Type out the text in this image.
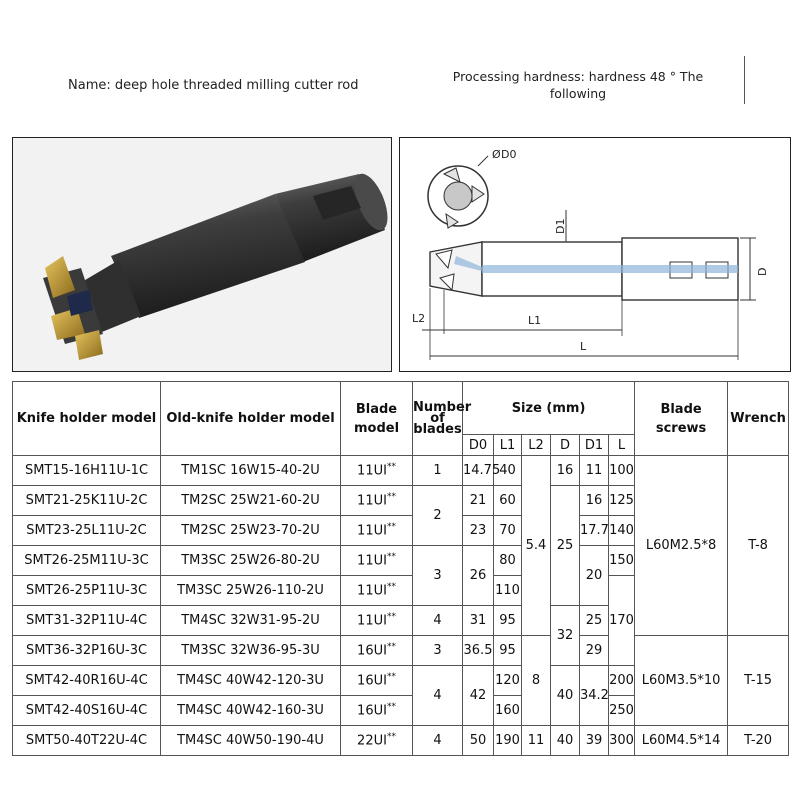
Name: deep hole threaded milling cutter rod
Processing hardness: hardness 48 ° The following
Ø D0
D1
D
L2	L1
L
Knife holder model	Old-knife holder model	Blade model	Number of blades	Size (mm)						Blade screws	Wrench
				D0	L1	L2	D	D1	L		
SMT15-16H11U-1C	TM1SC 16W15-40-2U	11UI**	1	14.75	40	5.4	16	11	100	L60M2.5*8	T-8
SMT21-25K11U-2C	TM2SC 25W21-60-2U	11UI**	2	21	60		25	16	125		
SMT23-25L11U-2C	TM2SC 25W23-70-2U	11UI**		23	70			17.7	140		
SMT26-25M11U-3C	TM3SC 25W26-80-2U	11UI**	3	26	80			20	150		
SMT26-25P11U-3C	TM3SC 25W26-110-2U	11UI**			110				170		
SMT31-32P11U-4C	TM4SC 32W31-95-2U	11UI**	4	31	95		32	25			
SMT36-32P16U-3C	TM3SC 32W36-95-3U	16UI**	3	36.5	95	8		29		L60M3.5*10	T-15
SMT42-40R16U-4C	TM4SC 40W42-120-3U	16UI**	4	42	120		40	34.2	200		
SMT42-40S16U-4C	TM4SC 40W42-160-3U	16UI**			160				250		
SMT50-40T22U-4C	TM4SC 40W50-190-4U	22UI**	4	50	190	11	40	39	300	L60M4.5*14	T-20
